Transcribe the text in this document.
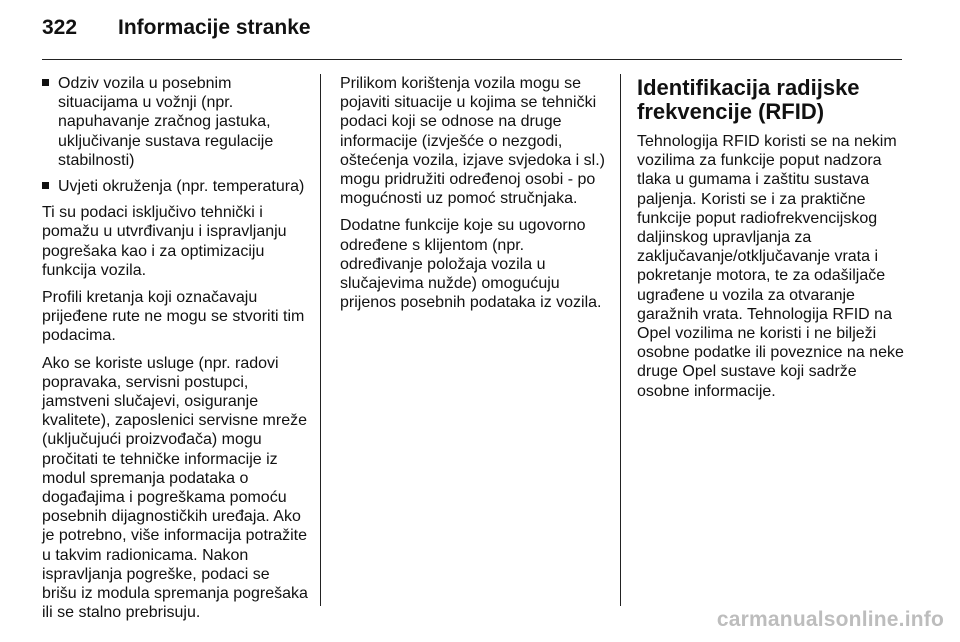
322	Informacije stranke
Odziv vozila u posebnim situacijama u vožnji (npr. napuhavanje zračnog jastuka, uključivanje sustava regulacije stabilnosti)
Uvjeti okruženja (npr. temperatura)

Ti su podaci isključivo tehnički i pomažu u utvrđivanju i ispravljanju pogrešaka kao i za optimizaciju funkcija vozila.

Profili kretanja koji označavaju prijeđene rute ne mogu se stvoriti tim podacima.

Ako se koriste usluge (npr. radovi popravaka, servisni postupci, jamstveni slučajevi, osiguranje kvalitete), zaposlenici servisne mreže (uključujući proizvođača) mogu pročitati te tehničke informacije iz modul spremanja podataka o događajima i pogreškama pomoću posebnih dijagnostičkih uređaja. Ako je potrebno, više informacija potražite u takvim radionicama. Nakon ispravljanja pogreške, podaci se brišu iz modula spremanja pogrešaka ili se stalno prebrisuju.

Prilikom korištenja vozila mogu se pojaviti situacije u kojima se tehnički podaci koji se odnose na druge informacije (izvješće o nezgodi, oštećenja vozila, izjave svjedoka i sl.) mogu pridružiti određenoj osobi - po mogućnosti uz pomoć stručnjaka.

Dodatne funkcije koje su ugovorno određene s klijentom (npr. određivanje položaja vozila u slučajevima nužde) omogućuju prijenos posebnih podataka iz vozila.

Identifikacija radijske frekvencije (RFID)

Tehnologija RFID koristi se na nekim vozilima za funkcije poput nadzora tlaka u gumama i zaštitu sustava paljenja. Koristi se i za praktične funkcije poput radiofrekvencijskog daljinskog upravljanja za zaključavanje/otključavanje vrata i pokretanje motora, te za odašiljače ugrađene u vozila za otvaranje garažnih vrata. Tehnologija RFID na Opel vozilima ne koristi i ne bilježi osobne podatke ili poveznice na neke druge Opel sustave koji sadrže osobne informacije.

carmanualsonline.info
